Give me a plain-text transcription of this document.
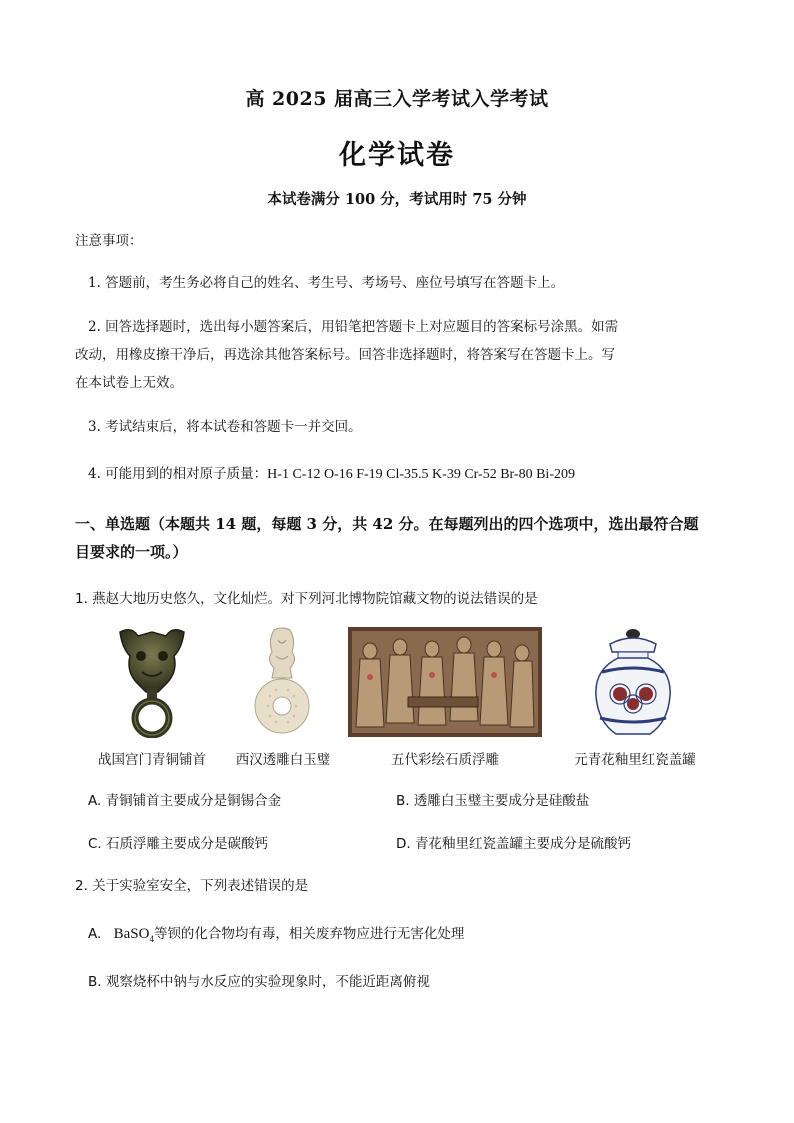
高 2025 届高三入学考试入学考试
化学试卷
本试卷满分 100 分，考试用时 75 分钟
注意事项：
1. 答题前，考生务必将自己的姓名、考生号、考场号、座位号填写在答题卡上。
2. 回答选择题时，选出每小题答案后，用铅笔把答题卡上对应题目的答案标号涂黑。如需
改动，用橡皮擦干净后，再选涂其他答案标号。回答非选择题时，将答案写在答题卡上。写
在本试卷上无效。
3. 考试结束后，将本试卷和答题卡一并交回。
4. 可能用到的相对原子质量：H-1 C-12 O-16 F-19 Cl-35.5 K-39 Cr-52 Br-80 Bi-209
一、单选题（本题共 14 题，每题 3 分，共 42 分。在每题列出的四个选项中，选出最符合题
目要求的一项。）
1. 燕赵大地历史悠久，文化灿烂。对下列河北博物院馆藏文物的说法错误的是
战国宫门青铜铺首	西汉透雕白玉璧	五代彩绘石质浮雕	元青花釉里红瓷盖罐
A. 青铜铺首主要成分是铜锡合金	B. 透雕白玉璧主要成分是硅酸盐
C. 石质浮雕主要成分是碳酸钙	D. 青花釉里红瓷盖罐主要成分是硫酸钙
2. 关于实验室安全，下列表述错误的是
A. BaSO$_4$等钡的化合物均有毒，相关废弃物应进行无害化处理
B. 观察烧杯中钠与水反应的实验现象时，不能近距离俯视
